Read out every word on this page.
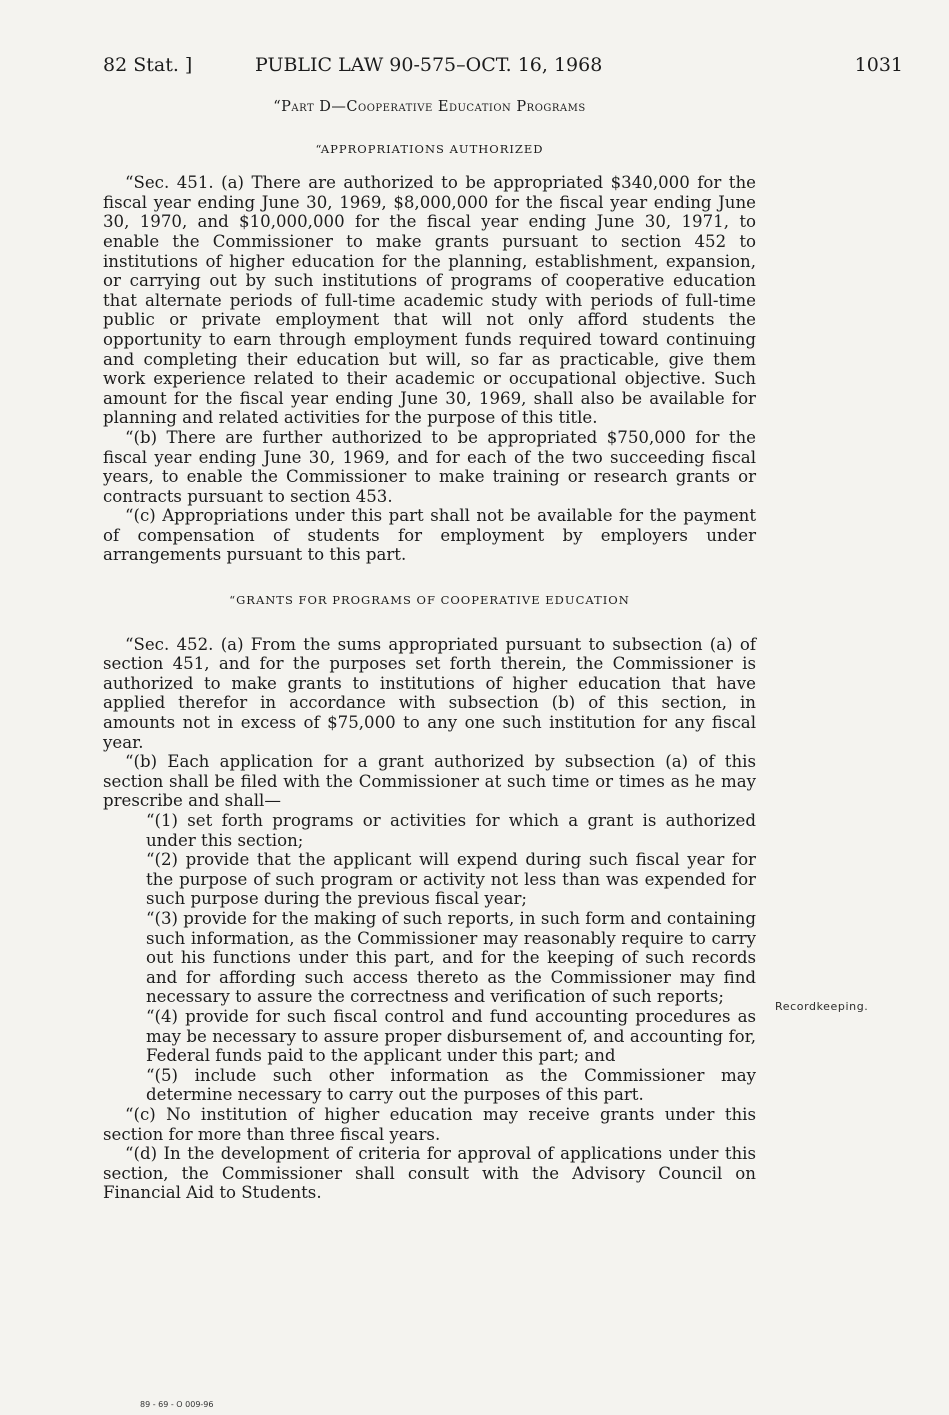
82 Stat. ]	PUBLIC LAW 90-575–OCT. 16, 1968	1031
“Part D—Cooperative Education Programs
“APPROPRIATIONS AUTHORIZED

“Sec. 451. (a) There are authorized to be appropriated $340,000 for the fiscal year ending June 30, 1969, $8,000,000 for the fiscal year ending June 30, 1970, and $10,000,000 for the fiscal year ending June 30, 1971, to enable the Commissioner to make grants pursuant to section 452 to institutions of higher education for the planning, establishment, expansion, or carrying out by such institutions of programs of cooperative education that alternate periods of full-time academic study with periods of full-time public or private employment that will not only afford students the opportunity to earn through employment funds required toward continuing and completing their education but will, so far as practicable, give them work experience related to their academic or occupational objective. Such amount for the fiscal year ending June 30, 1969, shall also be available for planning and related activities for the purpose of this title.

“(b) There are further authorized to be appropriated $750,000 for the fiscal year ending June 30, 1969, and for each of the two succeeding fiscal years, to enable the Commissioner to make training or research grants or contracts pursuant to section 453.

“(c) Appropriations under this part shall not be available for the payment of compensation of students for employment by employers under arrangements pursuant to this part.

“GRANTS FOR PROGRAMS OF COOPERATIVE EDUCATION

“Sec. 452. (a) From the sums appropriated pursuant to subsection (a) of section 451, and for the purposes set forth therein, the Commissioner is authorized to make grants to institutions of higher education that have applied therefor in accordance with subsection (b) of this section, in amounts not in excess of $75,000 to any one such institution for any fiscal year.

“(b) Each application for a grant authorized by subsection (a) of this section shall be filed with the Commissioner at such time or times as he may prescribe and shall—

“(1) set forth programs or activities for which a grant is authorized under this section;

“(2) provide that the applicant will expend during such fiscal year for the purpose of such program or activity not less than was expended for such purpose during the previous fiscal year;

“(3) provide for the making of such reports, in such form and containing such information, as the Commissioner may reasonably require to carry out his functions under this part, and for the keeping of such records and for affording such access thereto as the Commissioner may find necessary to assure the correctness and verification of such reports;

“(4) provide for such fiscal control and fund accounting procedures as may be necessary to assure proper disbursement of, and accounting for, Federal funds paid to the applicant under this part; and

“(5) include such other information as the Commissioner may determine necessary to carry out the purposes of this part.

“(c) No institution of higher education may receive grants under this section for more than three fiscal years.

“(d) In the development of criteria for approval of applications under this section, the Commissioner shall consult with the Advisory Council on Financial Aid to Students.

Recordkeeping.
89 - 69 - O 009-96
